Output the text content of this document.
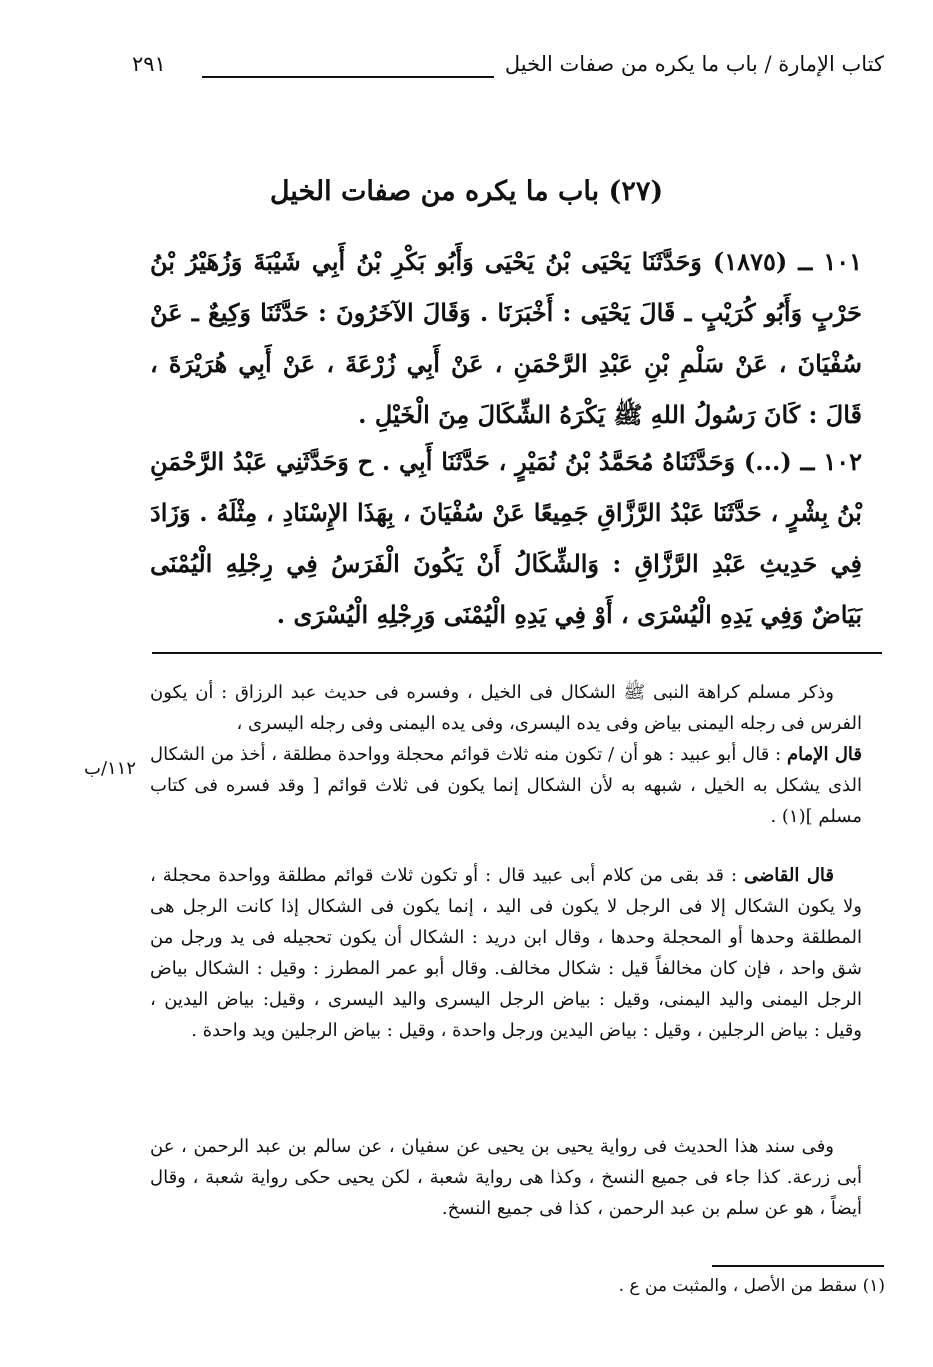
كتاب الإمارة / باب ما يكره من صفات الخيل
٢٩١
(٢٧) باب ما يكره من صفات الخيل
١٠١ ــ (١٨٧٥) وَحَدَّثَنَا يَحْيَى بْنُ يَحْيَى وَأَبُو بَكْرِ بْنُ أَبِي شَيْبَةَ وَزُهَيْرُ بْنُ حَرْبٍ وَأَبُو كُرَيْبٍ ـ قَالَ يَحْيَى : أَخْبَرَنَا . وَقَالَ الآخَرُونَ : حَدَّثَنَا وَكِيعٌ ـ عَنْ سُفْيَانَ ، عَنْ سَلْمِ بْنِ عَبْدِ الرَّحْمَنِ ، عَنْ أَبِي زُرْعَةَ ، عَنْ أَبِي هُرَيْرَةَ ، قَالَ : كَانَ رَسُولُ اللهِ ﷺ يَكْرَهُ الشِّكَالَ مِنَ الْخَيْلِ .
١٠٢ ــ (...) وَحَدَّثَنَاهُ مُحَمَّدُ بْنُ نُمَيْرٍ ، حَدَّثَنَا أَبِي . ح وَحَدَّثَنِي عَبْدُ الرَّحْمَنِ بْنُ بِشْرٍ ، حَدَّثَنَا عَبْدُ الرَّزَّاقِ جَمِيعًا عَنْ سُفْيَانَ ، بِهَذَا الإِسْنَادِ ، مِثْلَهُ . وَزَادَ فِي حَدِيثِ عَبْدِ الرَّزَّاقِ : وَالشِّكَالُ أَنْ يَكُونَ الْفَرَسُ فِي رِجْلِهِ الْيُمْنَى بَيَاضٌ وَفِي يَدِهِ الْيُسْرَى ، أَوْ فِي يَدِهِ الْيُمْنَى وَرِجْلِهِ الْيُسْرَى .
وذكر مسلم كراهة النبى ﷺ الشكال فى الخيل ، وفسره فى حديث عبد الرزاق : أن يكون الفرس فى رجله اليمنى بياض وفى يده اليسرى، وفى يده اليمنى وفى رجله اليسرى ،
قال الإمام : قال أبو عبيد : هو أن / تكون منه ثلاث قوائم محجلة وواحدة مطلقة ، أخذ من الشكال الذى يشكل به الخيل ، شبهه به لأن الشكال إنما يكون فى ثلاث قوائم [ وقد فسره فى كتاب مسلم ](١) .
١١٢/ب
قال القاضى : قد بقى من كلام أبى عبيد قال : أو تكون ثلاث قوائم مطلقة وواحدة محجلة ، ولا يكون الشكال إلا فى الرجل لا يكون فى اليد ، إنما يكون فى الشكال إذا كانت الرجل هى المطلقة وحدها أو المحجلة وحدها ، وقال ابن دريد : الشكال أن يكون تحجيله فى يد ورجل من شق واحد ، فإن كان مخالفاً قيل : شكال مخالف. وقال أبو عمر المطرز : وقيل : الشكال بياض الرجل اليمنى واليد اليمنى، وقيل : بياض الرجل اليسرى واليد اليسرى ، وقيل: بياض اليدين ، وقيل : بياض الرجلين ، وقيل : بياض اليدين ورجل واحدة ، وقيل : بياض الرجلين ويد واحدة .
وفى سند هذا الحديث فى رواية يحيى بن يحيى عن سفيان ، عن سالم بن عبد الرحمن ، عن أبى زرعة. كذا جاء فى جميع النسخ ، وكذا هى رواية شعبة ، لكن يحيى حكى رواية شعبة ، وقال أيضاً ، هو عن سلم بن عبد الرحمن ، كذا فى جميع النسخ.
(١) سقط من الأصل ، والمثبت من ع .
